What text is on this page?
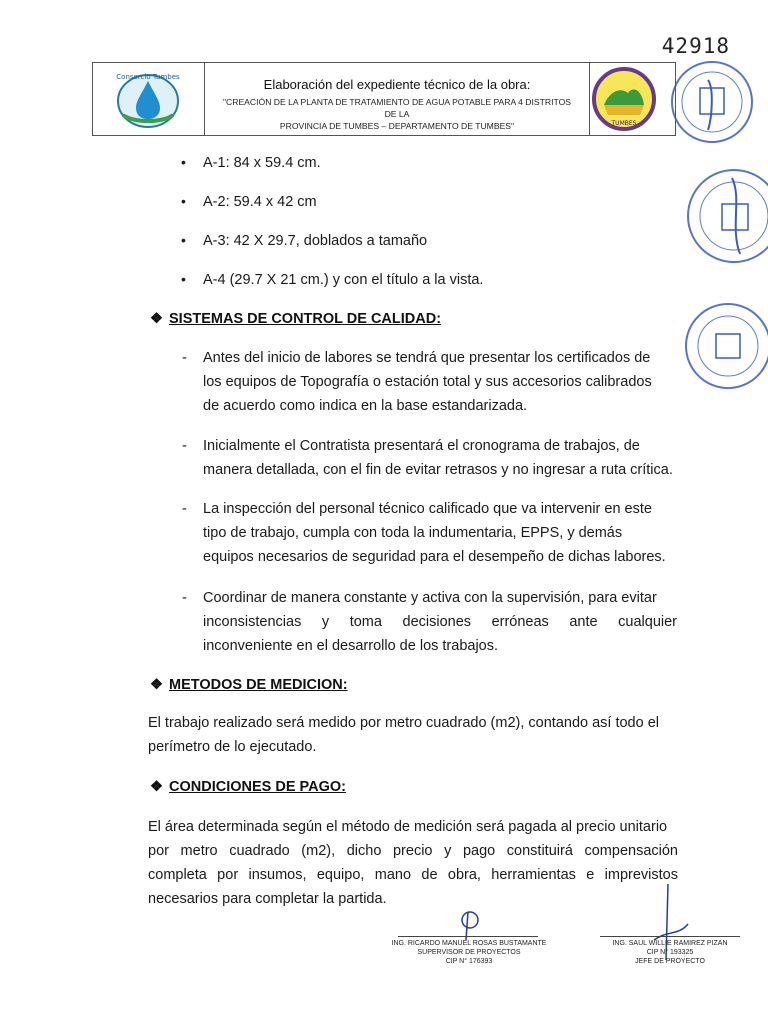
42918
Consorcio Tumbes	Elaboración del expediente técnico de la obra:
"CREACIÓN DE LA PLANTA DE TRATAMIENTO DE AGUA POTABLE PARA 4 DISTRITOS DE LA
PROVINCIA DE TUMBES – DEPARTAMENTO DE TUMBES"	TUMBES
• A-1: 84 x 59.4 cm.
• A-2: 59.4 x 42 cm
• A-3: 42 X 29.7, doblados a tamaño
• A-4 (29.7 X 21 cm.) y con el título a la vista.
❖ SISTEMAS DE CONTROL DE CALIDAD:
- Antes del inicio de labores se tendrá que presentar los certificados de
los equipos de Topografía o estación total y sus accesorios calibrados
de acuerdo como indica en la base estandarizada.
- Inicialmente el Contratista presentará el cronograma de trabajos, de
manera detallada, con el fin de evitar retrasos y no ingresar a ruta crítica.
- La inspección del personal técnico calificado que va intervenir en este
tipo de trabajo, cumpla con toda la indumentaria, EPPS, y demás
equipos necesarios de seguridad para el desempeño de dichas labores.
- Coordinar de manera constante y activa con la supervisión, para evitar
inconsistencias y toma decisiones erróneas ante cualquier
inconveniente en el desarrollo de los trabajos.
❖ METODOS DE MEDICION:
El trabajo realizado será medido por metro cuadrado (m2), contando así todo el
perímetro de lo ejecutado.
❖ CONDICIONES DE PAGO:
El área determinada según el método de medición será pagada al precio unitario
por metro cuadrado (m2), dicho precio y pago constituirá compensación
completa por insumos, equipo, mano de obra, herramientas e imprevistos
necesarios para completar la partida.
ING. RICARDO MANUEL ROSAS BUSTAMANTE
SUPERVISOR DE PROYECTOS
CIP N° 176393
ING. SAUL WILLIE RAMIREZ PIZAN
CIP N° 193325
JEFE DE PROYECTO
